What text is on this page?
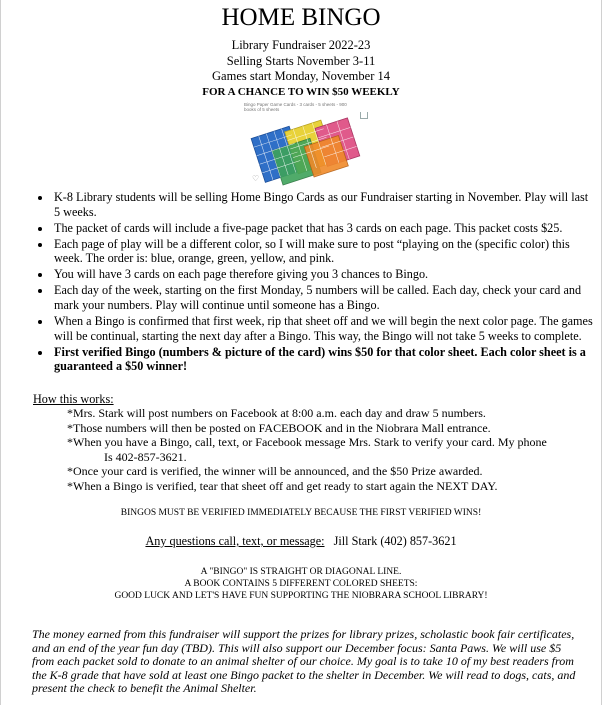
HOME BINGO
Library Fundraiser 2022-23
Selling Starts November 3-11
Games start Monday, November 14
FOR A CHANCE TO WIN $50 WEEKLY
Bingo Paper Game Cards - 3 cards - 5 sheets - 900 books of 5 sheets
♡
• K-8 Library students will be selling Home Bingo Cards as our Fundraiser starting in November. Play will last 5 weeks.
• The packet of cards will include a five-page packet that has 3 cards on each page. This packet costs $25.
• Each page of play will be a different color, so I will make sure to post “playing on the (specific color) this week. The order is: blue, orange, green, yellow, and pink.
• You will have 3 cards on each page therefore giving you 3 chances to Bingo.
• Each day of the week, starting on the first Monday, 5 numbers will be called. Each day, check your card and mark your numbers. Play will continue until someone has a Bingo.
• When a Bingo is confirmed that first week, rip that sheet off and we will begin the next color page. The games will be continual, starting the next day after a Bingo. This way, the Bingo will not take 5 weeks to complete.
• First verified Bingo (numbers & picture of the card) wins $50 for that color sheet. Each color sheet is a guaranteed a $50 winner!
How this works:
*Mrs. Stark will post numbers on Facebook at 8:00 a.m. each day and draw 5 numbers.
*Those numbers will then be posted on FACEBOOK and in the Niobrara Mall entrance.
*When you have a Bingo, call, text, or Facebook message Mrs. Stark to verify your card. My phone
Is 402-857-3621.
*Once your card is verified, the winner will be announced, and the $50 Prize awarded.
*When a Bingo is verified, tear that sheet off and get ready to start again the NEXT DAY.
BINGOS MUST BE VERIFIED IMMEDIATELY BECAUSE THE FIRST VERIFIED WINS!
Any questions call, text, or message: Jill Stark (402) 857-3621
A "BINGO" IS STRAIGHT OR DIAGONAL LINE.
A BOOK CONTAINS 5 DIFFERENT COLORED SHEETS:
GOOD LUCK AND LET'S HAVE FUN SUPPORTING THE NIOBRARA SCHOOL LIBRARY!
The money earned from this fundraiser will support the prizes for library prizes, scholastic book fair certificates, and an end of the year fun day (TBD). This will also support our December focus: Santa Paws. We will use $5 from each packet sold to donate to an animal shelter of our choice. My goal is to take 10 of my best readers from the K-8 grade that have sold at least one Bingo packet to the shelter in December. We will read to dogs, cats, and present the check to benefit the Animal Shelter.
